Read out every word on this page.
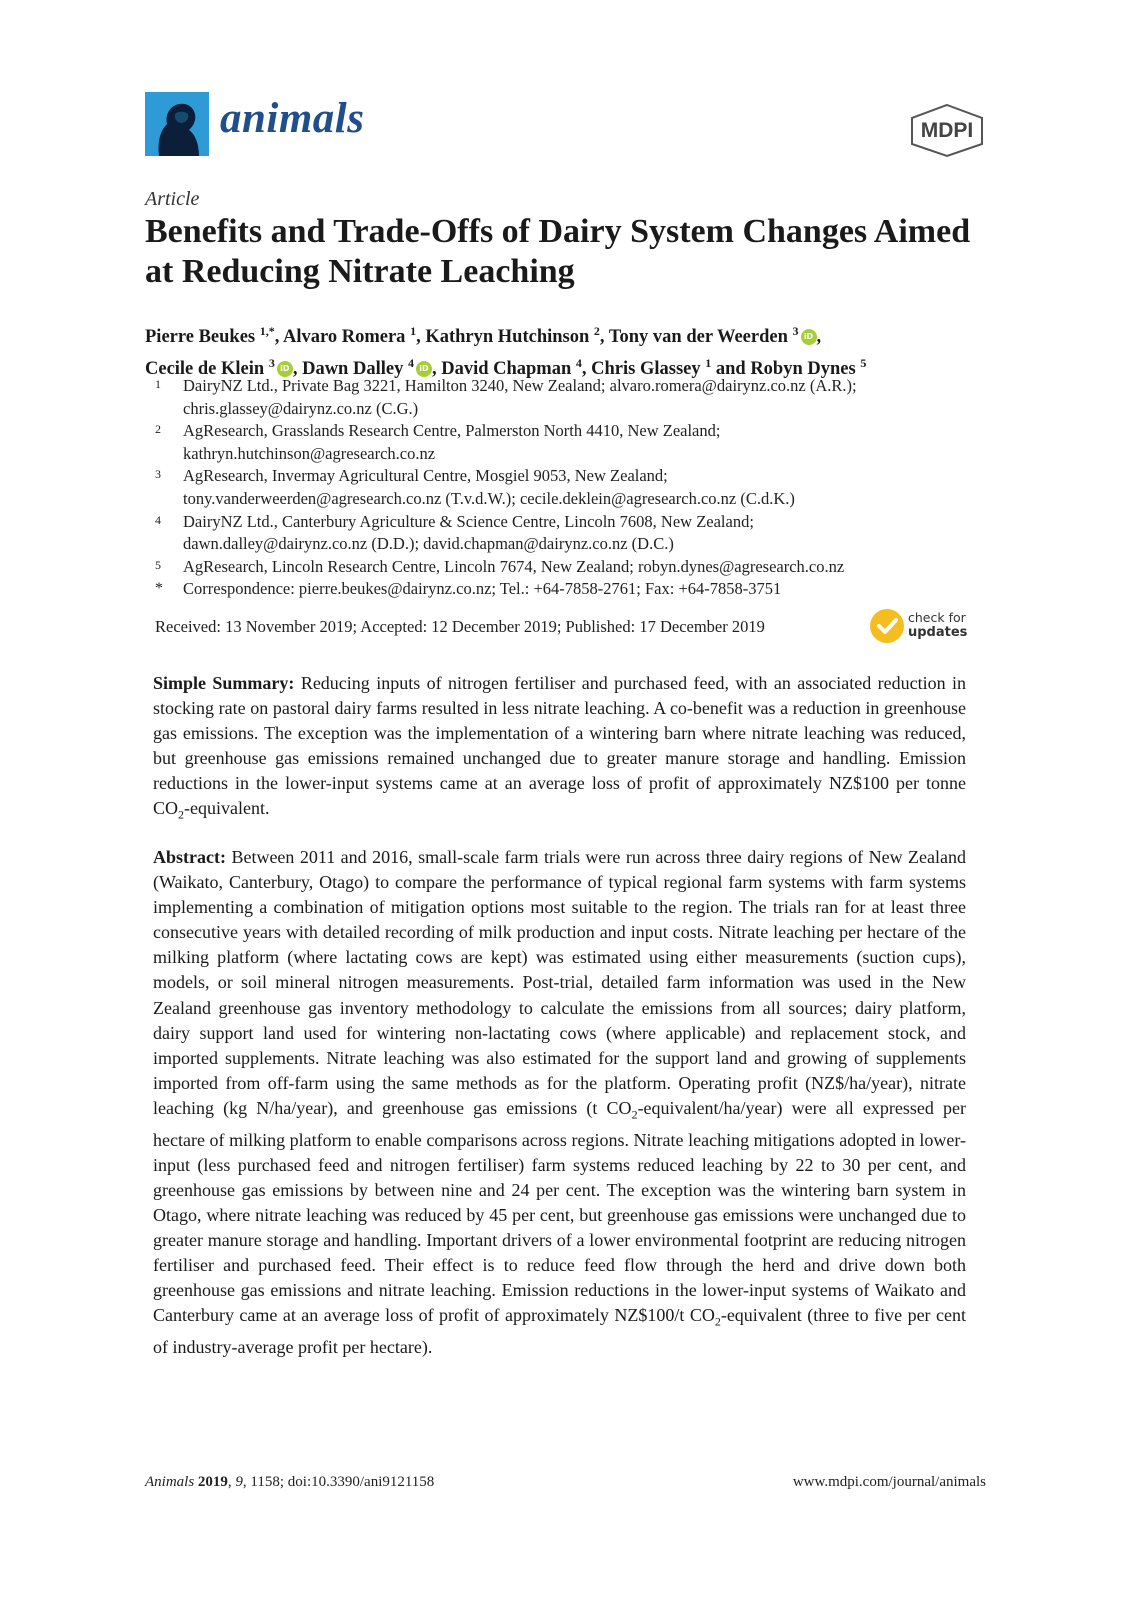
animals	MDPI
Article
Benefits and Trade-Offs of Dairy System Changes Aimed at Reducing Nitrate Leaching
Pierre Beukes $^{1,*}$, Alvaro Romera $^1$, Kathryn Hutchinson $^2$, Tony van der Weerden $^3$ iD ,
Cecile de Klein $^3$ iD , Dawn Dalley $^4$ iD , David Chapman $^4$, Chris Glassey $^1$ and Robyn Dynes $^5$
1 DairyNZ Ltd., Private Bag 3221, Hamilton 3240, New Zealand; alvaro.romera@dairynz.co.nz (A.R.);
chris.glassey@dairynz.co.nz (C.G.)
2 AgResearch, Grasslands Research Centre, Palmerston North 4410, New Zealand;
kathryn.hutchinson@agresearch.co.nz
3 AgResearch, Invermay Agricultural Centre, Mosgiel 9053, New Zealand;
tony.vanderweerden@agresearch.co.nz (T.v.d.W.); cecile.deklein@agresearch.co.nz (C.d.K.)
4 DairyNZ Ltd., Canterbury Agriculture & Science Centre, Lincoln 7608, New Zealand;
dawn.dalley@dairynz.co.nz (D.D.); david.chapman@dairynz.co.nz (D.C.)
5 AgResearch, Lincoln Research Centre, Lincoln 7674, New Zealand; robyn.dynes@agresearch.co.nz
* Correspondence: pierre.beukes@dairynz.co.nz; Tel.: +64-7858-2761; Fax: +64-7858-3751
Received: 13 November 2019; Accepted: 12 December 2019; Published: 17 December 2019	check for
updates

Simple Summary: Reducing inputs of nitrogen fertiliser and purchased feed, with an associated reduction in stocking rate on pastoral dairy farms resulted in less nitrate leaching. A co-benefit was a reduction in greenhouse gas emissions. The exception was the implementation of a wintering barn where nitrate leaching was reduced, but greenhouse gas emissions remained unchanged due to greater manure storage and handling. Emission reductions in the lower-input systems came at an average loss of profit of approximately NZ$100 per tonne $CO_2$-equivalent.

Abstract: Between 2011 and 2016, small-scale farm trials were run across three dairy regions of New Zealand (Waikato, Canterbury, Otago) to compare the performance of typical regional farm systems with farm systems implementing a combination of mitigation options most suitable to the region. The trials ran for at least three consecutive years with detailed recording of milk production and input costs. Nitrate leaching per hectare of the milking platform (where lactating cows are kept) was estimated using either measurements (suction cups), models, or soil mineral nitrogen measurements. Post-trial, detailed farm information was used in the New Zealand greenhouse gas inventory methodology to calculate the emissions from all sources; dairy platform, dairy support land used for wintering non-lactating cows (where applicable) and replacement stock, and imported supplements. Nitrate leaching was also estimated for the support land and growing of supplements imported from off-farm using the same methods as for the platform. Operating profit (NZ$/ha/year), nitrate leaching (kg N/ha/year), and greenhouse gas emissions (t $CO_2-equivalent/ha/year$) were all expressed per hectare of milking platform to enable comparisons across regions. Nitrate leaching mitigations adopted in lower-input (less purchased feed and nitrogen fertiliser) farm systems reduced leaching by 22 to 30 per cent, and greenhouse gas emissions by between nine and 24 per cent. The exception was the wintering barn system in Otago, where nitrate leaching was reduced by 45 per cent, but greenhouse gas emissions were unchanged due to greater manure storage and handling. Important drivers of a lower environmental footprint are reducing nitrogen fertiliser and purchased feed. Their effect is to reduce feed flow through the herd and drive down both greenhouse gas emissions and nitrate leaching. Emission reductions in the lower-input systems of Waikato and Canterbury came at an average loss of profit of approximately NZ$100/t $CO_2$-equivalent (three to five per cent of industry-average profit per hectare).

Animals 2019, 9, 1158; doi:10.3390/ani9121158	www.mdpi.com/journal/animals
